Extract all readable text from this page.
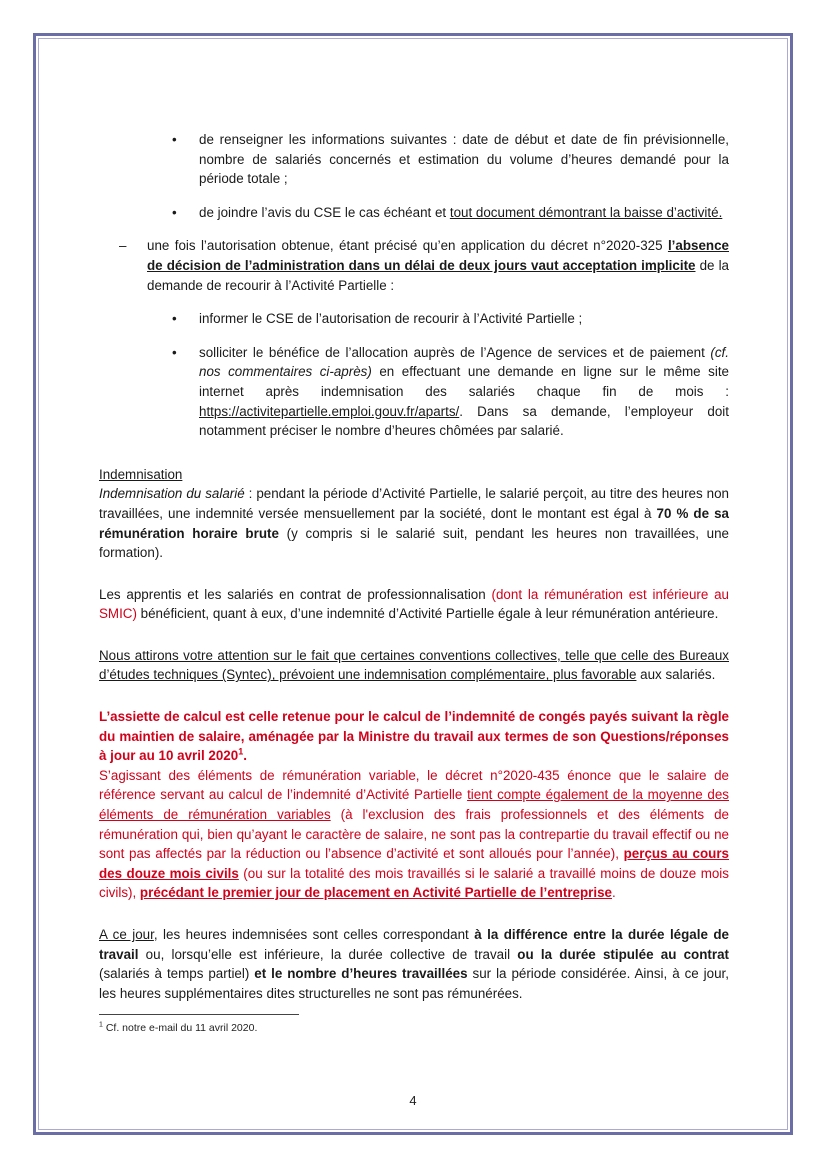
• de renseigner les informations suivantes : date de début et date de fin prévisionnelle, nombre de salariés concernés et estimation du volume d’heures demandé pour la période totale ;

• de joindre l’avis du CSE le cas échéant et tout document démontrant la baisse d’activité.

– une fois l’autorisation obtenue, étant précisé qu’en application du décret n°2020-325 l’absence de décision de l’administration dans un délai de deux jours vaut acceptation implicite de la demande de recourir à l’Activité Partielle :

• informer le CSE de l’autorisation de recourir à l’Activité Partielle ;

• solliciter le bénéfice de l’allocation auprès de l’Agence de services et de paiement (cf. nos commentaires ci-après) en effectuant une demande en ligne sur le même site internet après indemnisation des salariés chaque fin de mois : https://activitepartielle.emploi.gouv.fr/aparts/. Dans sa demande, l’employeur doit notamment préciser le nombre d’heures chômées par salarié.

Indemnisation

Indemnisation du salarié : pendant la période d’Activité Partielle, le salarié perçoit, au titre des heures non travaillées, une indemnité versée mensuellement par la société, dont le montant est égal à 70 % de sa rémunération horaire brute (y compris si le salarié suit, pendant les heures non travaillées, une formation).

Les apprentis et les salariés en contrat de professionnalisation (dont la rémunération est inférieure au SMIC) bénéficient, quant à eux, d’une indemnité d’Activité Partielle égale à leur rémunération antérieure.

Nous attirons votre attention sur le fait que certaines conventions collectives, telle que celle des Bureaux d’études techniques (Syntec), prévoient une indemnisation complémentaire, plus favorable aux salariés.

L’assiette de calcul est celle retenue pour le calcul de l’indemnité de congés payés suivant la règle du maintien de salaire, aménagée par la Ministre du travail aux termes de son Questions/réponses à jour au 10 avril 2020$^1$.

S’agissant des éléments de rémunération variable, le décret n°2020-435 énonce que le salaire de référence servant au calcul de l’indemnité d’Activité Partielle tient compte également de la moyenne des éléments de rémunération variables (à l'exclusion des frais professionnels et des éléments de rémunération qui, bien qu’ayant le caractère de salaire, ne sont pas la contrepartie du travail effectif ou ne sont pas affectés par la réduction ou l’absence d’activité et sont alloués pour l’année), perçus au cours des douze mois civils (ou sur la totalité des mois travaillés si le salarié a travaillé moins de douze mois civils), précédant le premier jour de placement en Activité Partielle de l’entreprise.

A ce jour, les heures indemnisées sont celles correspondant à la différence entre la durée légale de travail ou, lorsqu’elle est inférieure, la durée collective de travail ou la durée stipulée au contrat (salariés à temps partiel) et le nombre d’heures travaillées sur la période considérée. Ainsi, à ce jour, les heures supplémentaires dites structurelles ne sont pas rémunérées.

$^1$ Cf. notre e-mail du 11 avril 2020.
4
